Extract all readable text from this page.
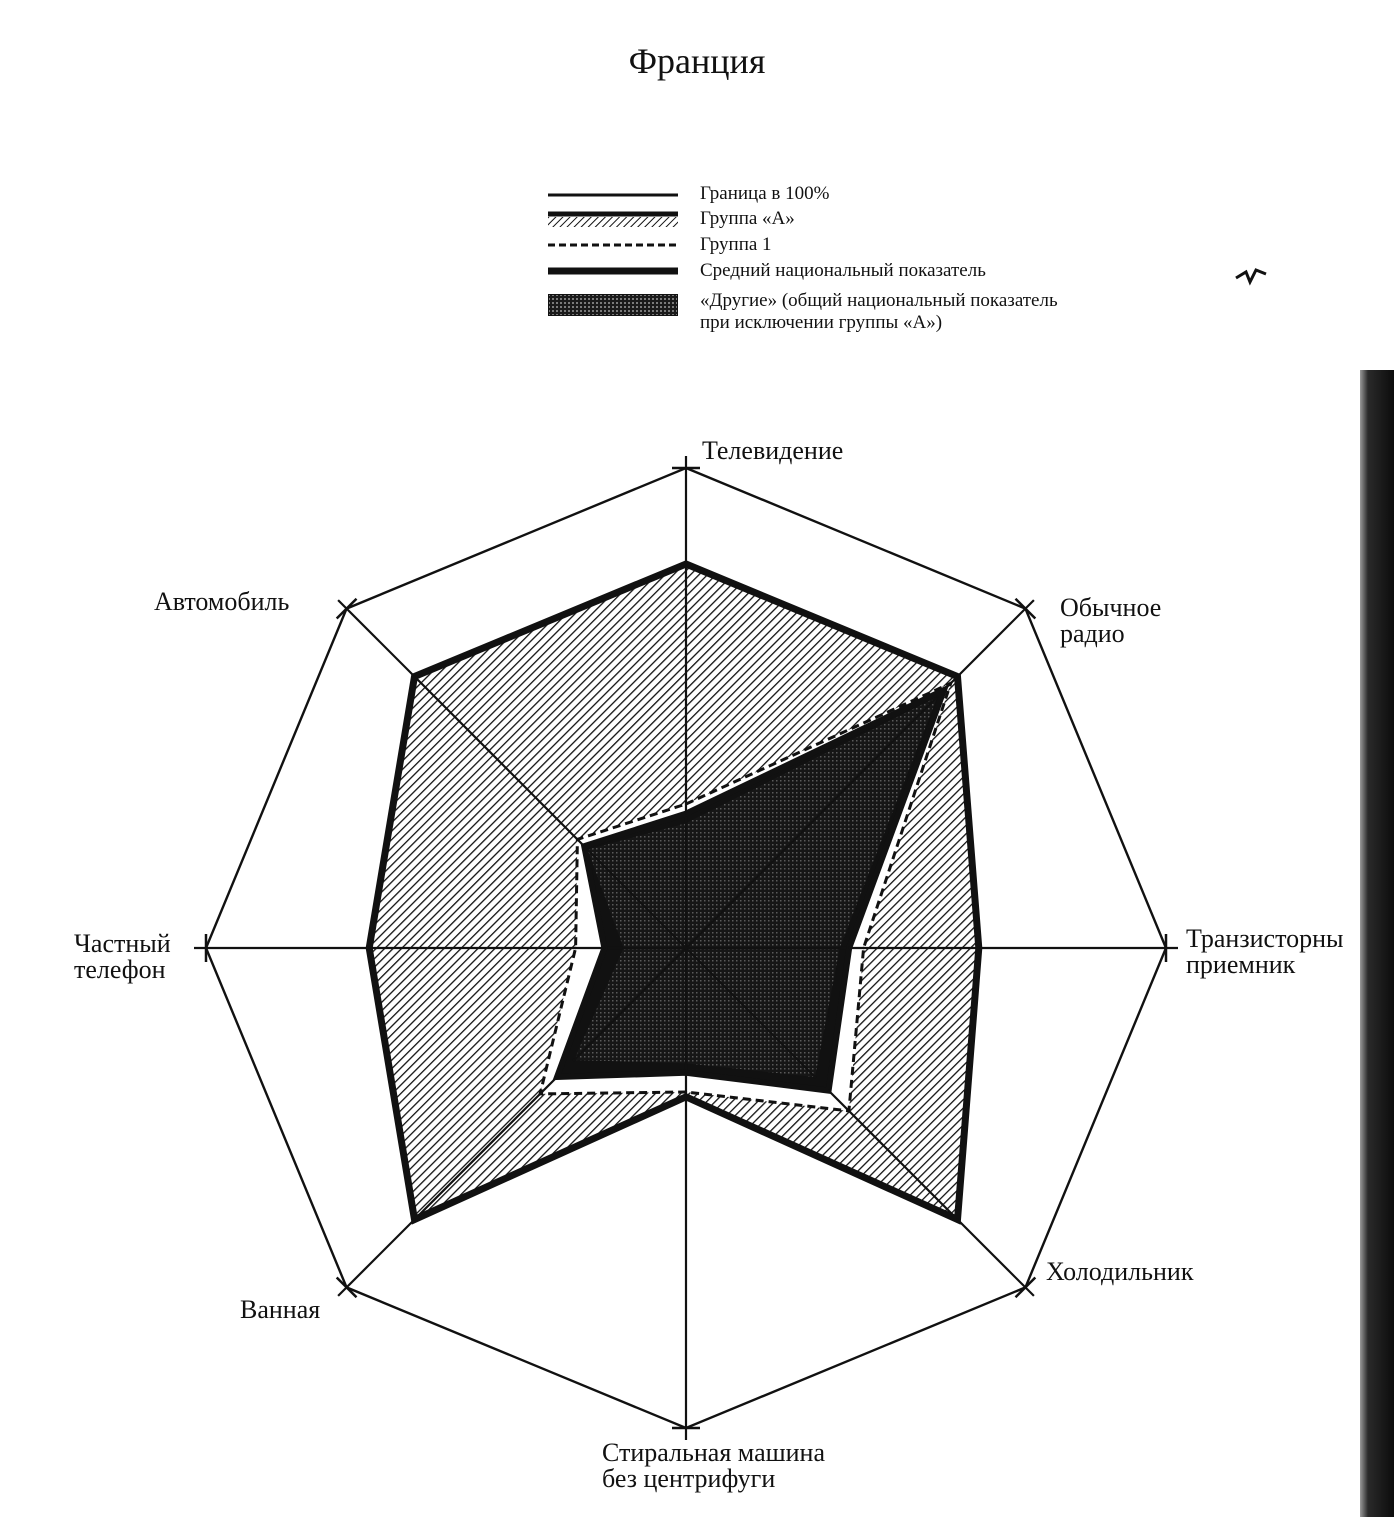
Франция
Граница в 100%
Группа «А»
Группа 1
Средний национальный показатель
«Другие» (общий национальный показатель
при исключении группы «А»)
Телевидение
Обычное
радио
Транзисторны
приемник
Холодильник
Стиральная машина
без центрифуги
Ванная
Частный
телефон
Автомобиль
